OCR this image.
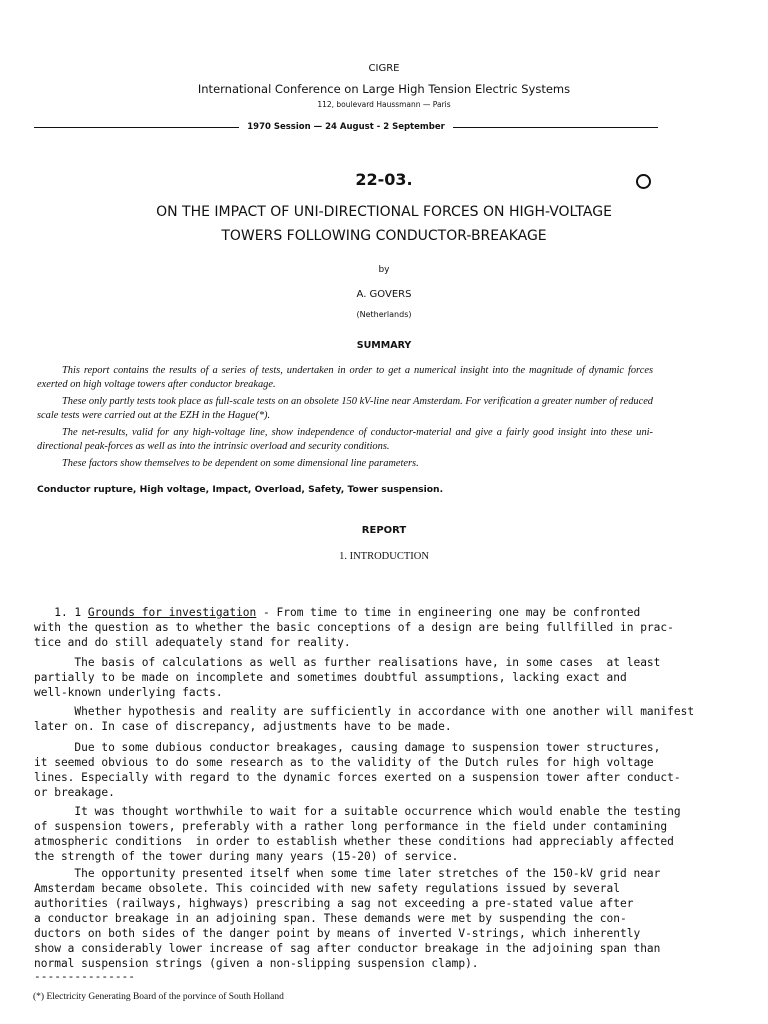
CIGRE
International Conference on Large High Tension Electric Systems
112, boulevard Haussmann — Paris
1970 Session — 24 August - 2 September
22-03.
ON THE IMPACT OF UNI-DIRECTIONAL FORCES ON HIGH-VOLTAGE
TOWERS FOLLOWING CONDUCTOR-BREAKAGE
by
A. GOVERS
(Netherlands)
SUMMARY

This report contains the results of a series of tests, undertaken in order to get a numerical insight into the magnitude of dynamic forces exerted on high voltage towers after conductor breakage.

These only partly tests took place as full-scale tests on an obsolete 150 kV-line near Amsterdam. For verification a greater number of reduced scale tests were carried out at the EZH in the Hague(*).

The net-results, valid for any high-voltage line, show independence of conductor-material and give a fairly good insight into these uni-directional peak-forces as well as into the intrinsic overload and security conditions.

These factors show themselves to be dependent on some dimensional line parameters.

Conductor rupture, High voltage, Impact, Overload, Safety, Tower suspension.
REPORT
1. INTRODUCTION
1. 1 Grounds for investigation - From time to time in engineering one may be confronted
with the question as to whether the basic conceptions of a design are being fullfilled in prac-
tice and do still adequately stand for reality.
The basis of calculations as well as further realisations have, in some cases  at least
partially to be made on incomplete and sometimes doubtful assumptions, lacking exact and
well-known underlying facts.
Whether hypothesis and reality are sufficiently in accordance with one another will manifest
later on. In case of discrepancy, adjustments have to be made.
Due to some dubious conductor breakages, causing damage to suspension tower structures,
it seemed obvious to do some research as to the validity of the Dutch rules for high voltage
lines. Especially with regard to the dynamic forces exerted on a suspension tower after conduct-
or breakage.
It was thought worthwhile to wait for a suitable occurrence which would enable the testing
of suspension towers, preferably with a rather long performance in the field under contamining
atmospheric conditions  in order to establish whether these conditions had appreciably affected
the strength of the tower during many years (15-20) of service.
The opportunity presented itself when some time later stretches of the 150-kV grid near
Amsterdam became obsolete. This coincided with new safety regulations issued by several
authorities (railways, highways) prescribing a sag not exceeding a pre-stated value after
a conductor breakage in an adjoining span. These demands were met by suspending the con-
ductors on both sides of the danger point by means of inverted V-strings, which inherently
show a considerably lower increase of sag after conductor breakage in the adjoining span than
normal suspension strings (given a non-slipping suspension clamp).
---------------
(*) Electricity Generating Board of the porvince of South Holland
